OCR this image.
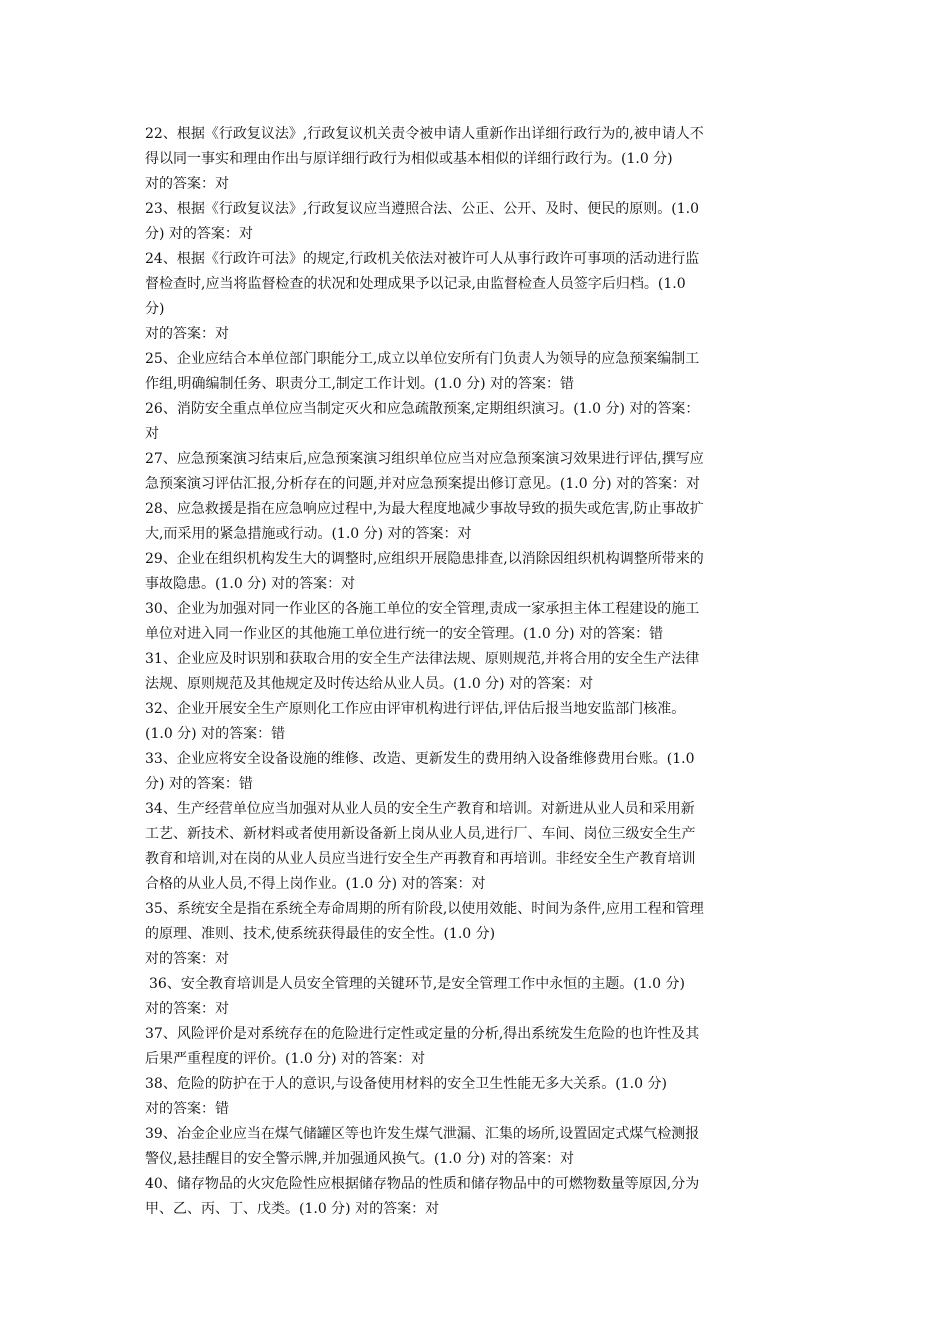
22、根据《行政复议法》,行政复议机关责令被申请人重新作出详细行政行为的,被申请人不
得以同一事实和理由作出与原详细行政行为相似或基本相似的详细行政行为。(1.0 分)
对的答案：对
23、根据《行政复议法》,行政复议应当遵照合法、公正、公开、及时、便民的原则。(1.0
分) 对的答案：对
24、根据《行政许可法》的规定,行政机关依法对被许可人从事行政许可事项的活动进行监
督检查时,应当将监督检查的状况和处理成果予以记录,由监督检查人员签字后归档。(1.0
分)
对的答案：对
25、企业应结合本单位部门职能分工,成立以单位安所有门负责人为领导的应急预案编制工
作组,明确编制任务、职责分工,制定工作计划。(1.0 分) 对的答案：错
26、消防安全重点单位应当制定灭火和应急疏散预案,定期组织演习。(1.0 分) 对的答案：
对
27、应急预案演习结束后,应急预案演习组织单位应当对应急预案演习效果进行评估,撰写应
急预案演习评估汇报,分析存在的问题,并对应急预案提出修订意见。(1.0 分) 对的答案：对
28、应急救援是指在应急响应过程中,为最大程度地减少事故导致的损失或危害,防止事故扩
大,而采用的紧急措施或行动。(1.0 分) 对的答案：对
29、企业在组织机构发生大的调整时,应组织开展隐患排查,以消除因组织机构调整所带来的
事故隐患。(1.0 分) 对的答案：对
30、企业为加强对同一作业区的各施工单位的安全管理,责成一家承担主体工程建设的施工
单位对进入同一作业区的其他施工单位进行统一的安全管理。(1.0 分) 对的答案：错
31、企业应及时识别和获取合用的安全生产法律法规、原则规范,并将合用的安全生产法律
法规、原则规范及其他规定及时传达给从业人员。(1.0 分) 对的答案：对
32、企业开展安全生产原则化工作应由评审机构进行评估,评估后报当地安监部门核准。
(1.0 分) 对的答案：错
33、企业应将安全设备设施的维修、改造、更新发生的费用纳入设备维修费用台账。(1.0
分) 对的答案：错
34、生产经营单位应当加强对从业人员的安全生产教育和培训。对新进从业人员和采用新
工艺、新技术、新材料或者使用新设备新上岗从业人员,进行厂、车间、岗位三级安全生产
教育和培训,对在岗的从业人员应当进行安全生产再教育和再培训。非经安全生产教育培训
合格的从业人员,不得上岗作业。(1.0 分) 对的答案：对
35、系统安全是指在系统全寿命周期的所有阶段,以使用效能、时间为条件,应用工程和管理
的原理、准则、技术,使系统获得最佳的安全性。(1.0 分)
对的答案：对
36、安全教育培训是人员安全管理的关键环节,是安全管理工作中永恒的主题。(1.0 分)
对的答案：对
37、风险评价是对系统存在的危险进行定性或定量的分析,得出系统发生危险的也许性及其
后果严重程度的评价。(1.0 分) 对的答案：对
38、危险的防护在于人的意识,与设备使用材料的安全卫生性能无多大关系。(1.0 分)
对的答案：错
39、冶金企业应当在煤气储罐区等也许发生煤气泄漏、汇集的场所,设置固定式煤气检测报
警仪,悬挂醒目的安全警示牌,并加强通风换气。(1.0 分) 对的答案：对
40、储存物品的火灾危险性应根据储存物品的性质和储存物品中的可燃物数量等原因,分为
甲、乙、丙、丁、戊类。(1.0 分) 对的答案：对
